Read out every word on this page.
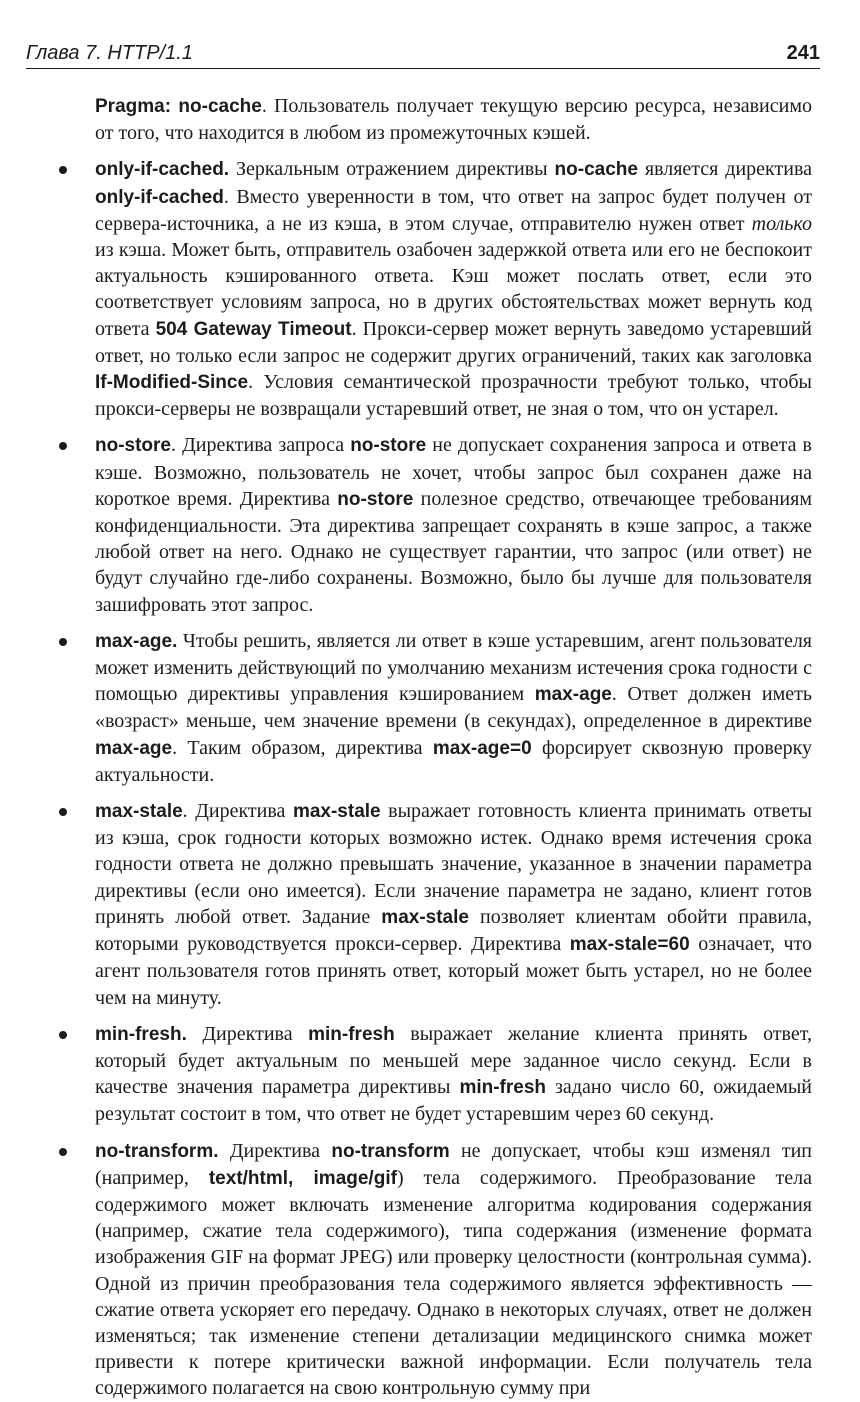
Глава 7. HTTP/1.1	241

Pragma: no-cache. Пользователь получает текущую версию ресурса, независимо от того, что находится в любом из промежуточных кэшей.

only-if-cached. Зеркальным отражением директивы no-cache является директива only-if-cached. Вместо уверенности в том, что ответ на запрос будет получен от сервера-источника, а не из кэша, в этом случае, отправителю нужен ответ только из кэша. Может быть, отправитель озабочен задержкой ответа или его не беспокоит актуальность кэшированного ответа. Кэш может послать ответ, если это соответствует условиям запроса, но в других обстоятельствах может вернуть код ответа 504 Gateway Timeout. Прокси-сервер может вернуть заведомо устаревший ответ, но только если запрос не содержит других ограничений, таких как заголовка If-Modified-Since. Условия семантической прозрачности требуют только, чтобы прокси-серверы не возвращали устаревший ответ, не зная о том, что он устарел.

no-store. Директива запроса no-store не допускает сохранения запроса и ответа в кэше. Возможно, пользователь не хочет, чтобы запрос был сохранен даже на короткое время. Директива no-store полезное средство, отвечающее требованиям конфиденциальности. Эта директива запрещает сохранять в кэше запрос, а также любой ответ на него. Однако не существует гарантии, что запрос (или ответ) не будут случайно где-либо сохранены. Возможно, было бы лучше для пользователя зашифровать этот запрос.

max-age. Чтобы решить, является ли ответ в кэше устаревшим, агент пользователя может изменить действующий по умолчанию механизм истечения срока годности с помощью директивы управления кэшированием max-age. Ответ должен иметь «возраст» меньше, чем значение времени (в секундах), определенное в директиве max-age. Таким образом, директива max-age=0 форсирует сквозную проверку актуальности.

max-stale. Директива max-stale выражает готовность клиента принимать ответы из кэша, срок годности которых возможно истек. Однако время истечения срока годности ответа не должно превышать значение, указанное в значении параметра директивы (если оно имеется). Если значение параметра не задано, клиент готов принять любой ответ. Задание max-stale позволяет клиентам обойти правила, которыми руководствуется прокси-сервер. Директива max-stale=60 означает, что агент пользователя готов принять ответ, который может быть устарел, но не более чем на минуту.

min-fresh. Директива min-fresh выражает желание клиента принять ответ, который будет актуальным по меньшей мере заданное число секунд. Если в качестве значения параметра директивы min-fresh задано число 60, ожидаемый результат состоит в том, что ответ не будет устаревшим через 60 секунд.

no-transform. Директива no-transform не допускает, чтобы кэш изменял тип (например, text/html, image/gif) тела содержимого. Преобразование тела содержимого может включать изменение алгоритма кодирования содержания (например, сжатие тела содержимого), типа содержания (изменение формата изображения GIF на формат JPEG) или проверку целостности (контрольная сумма). Одной из причин преобразования тела содержимого является эффективность — сжатие ответа ускоряет его передачу. Однако в некоторых случаях, ответ не должен изменяться; так изменение степени детализации медицинского снимка может привести к потере критически важной информации. Если получатель тела содержимого полагается на свою контрольную сумму при
